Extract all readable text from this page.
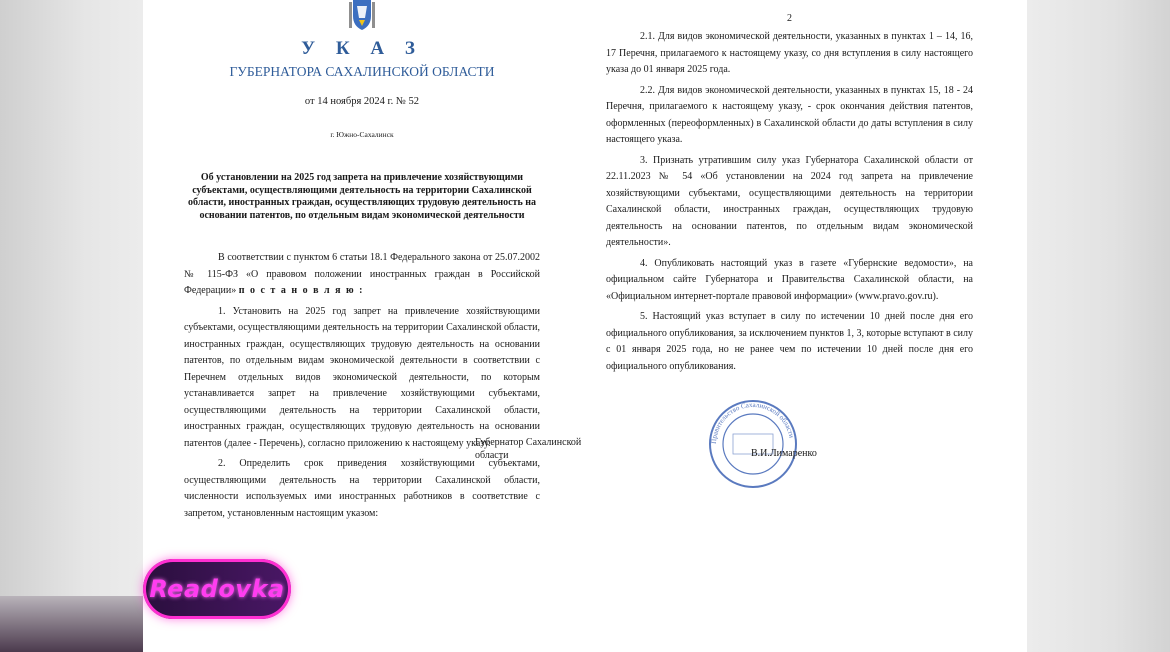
У К А З
ГУБЕРНАТОРА САХАЛИНСКОЙ ОБЛАСТИ
от 14 ноября 2024 г. № 52
г. Южно-Сахалинск
Об установлении на 2025 год запрета на привлечение хозяйствующими субъектами, осуществляющими деятельность на территории Сахалинской области, иностранных граждан, осуществляющих трудовую деятельность на основании патентов, по отдельным видам экономической деятельности

В соответствии с пунктом 6 статьи 18.1 Федерального закона от 25.07.2002 № 115-ФЗ «О правовом положении иностранных граждан в Российской Федерации» п о с т а н о в л я ю :

1. Установить на 2025 год запрет на привлечение хозяйствующими субъектами, осуществляющими деятельность на территории Сахалинской области, иностранных граждан, осуществляющих трудовую деятельность на основании патентов, по отдельным видам экономической деятельности в соответствии с Перечнем отдельных видов экономической деятельности, по которым устанавливается запрет на привлечение хозяйствующими субъектами, осуществляющими деятельность на территории Сахалинской области, иностранных граждан, осуществляющих трудовую деятельность на основании патентов (далее - Перечень), согласно приложению к настоящему указу.

2. Определить срок приведения хозяйствующими субъектами, осуществляющими деятельность на территории Сахалинской области, численности используемых ими иностранных работников в соответствие с запретом, установленным настоящим указом:

2

2.1. Для видов экономической деятельности, указанных в пунктах 1 – 14, 16, 17 Перечня, прилагаемого к настоящему указу, со дня вступления в силу настоящего указа до 01 января 2025 года.

2.2. Для видов экономической деятельности, указанных в пунктах 15, 18 - 24 Перечня, прилагаемого к настоящему указу, - срок окончания действия патентов, оформленных (переоформленных) в Сахалинской области до даты вступления в силу настоящего указа.

3. Признать утратившим силу указ Губернатора Сахалинской области от 22.11.2023 № 54 «Об установлении на 2024 год запрета на привлечение хозяйствующими субъектами, осуществляющими деятельность на территории Сахалинской области, иностранных граждан, осуществляющих трудовую деятельность на основании патентов, по отдельным видам экономической деятельности».

4. Опубликовать настоящий указ в газете «Губернские ведомости», на официальном сайте Губернатора и Правительства Сахалинской области, на «Официальном интернет-портале правовой информации» (www.pravo.gov.ru).

5. Настоящий указ вступает в силу по истечении 10 дней после дня его официального опубликования, за исключением пунктов 1, 3, которые вступают в силу с 01 января 2025 года, но не ранее чем по истечении 10 дней после дня его официального опубликования.

Правительство Сахалинской области
Губернатор Сахалинской области	В.И.Лимаренко
Readovka
